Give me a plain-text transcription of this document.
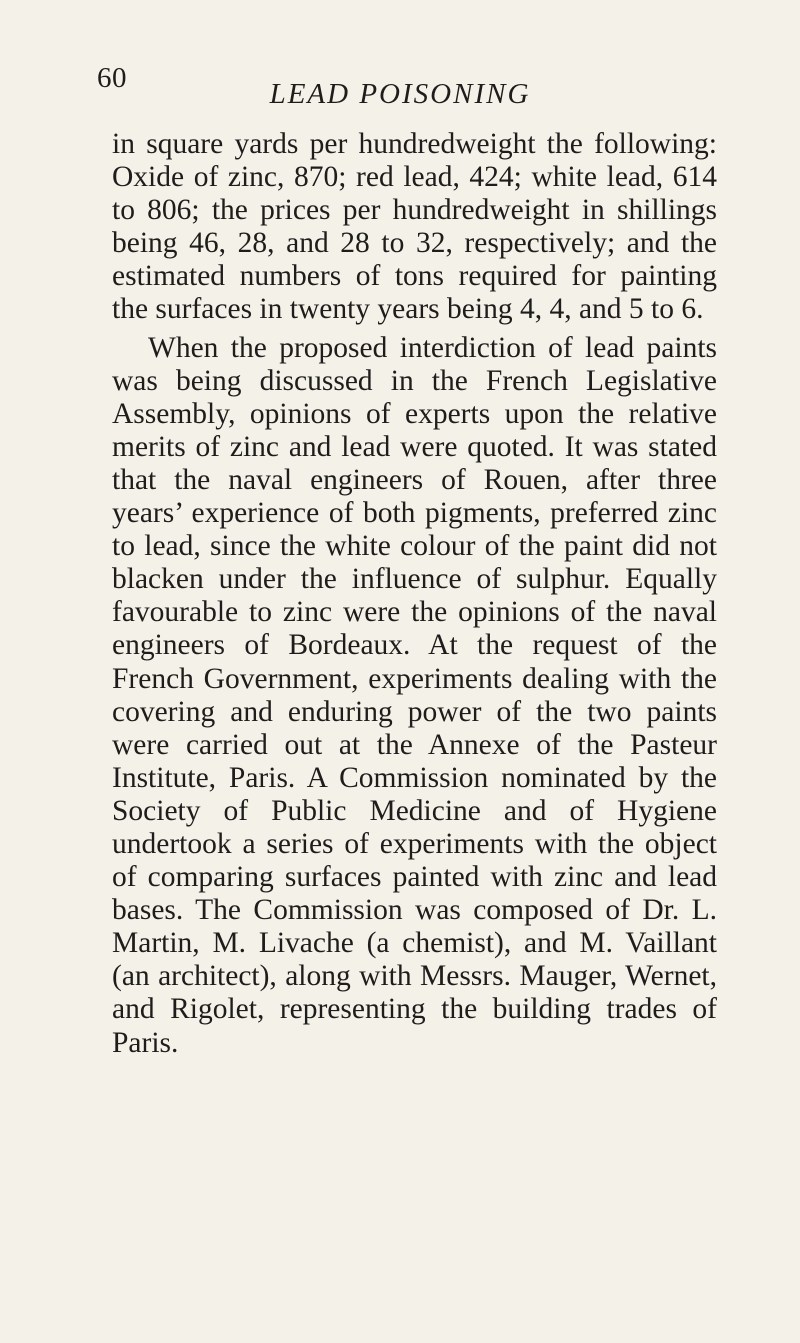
60	LEAD POISONING

in square yards per hundredweight the following: Oxide of zinc, 870; red lead, 424; white lead, 614 to 806; the prices per hundredweight in shillings being 46, 28, and 28 to 32, respectively; and the estimated numbers of tons required for painting the surfaces in twenty years being 4, 4, and 5 to 6.

When the proposed interdiction of lead paints was being discussed in the French Legislative Assembly, opinions of experts upon the relative merits of zinc and lead were quoted. It was stated that the naval engineers of Rouen, after three years’ experience of both pigments, preferred zinc to lead, since the white colour of the paint did not blacken under the influence of sulphur. Equally favourable to zinc were the opinions of the naval engineers of Bordeaux. At the request of the French Government, experiments dealing with the covering and enduring power of the two paints were carried out at the Annexe of the Pasteur Institute, Paris. A Commission nominated by the Society of Public Medicine and of Hygiene undertook a series of experiments with the object of comparing surfaces painted with zinc and lead bases. The Commission was composed of Dr. L. Martin, M. Livache (a chemist), and M. Vaillant (an architect), along with Messrs. Mauger, Wernet, and Rigolet, representing the building trades of Paris.
